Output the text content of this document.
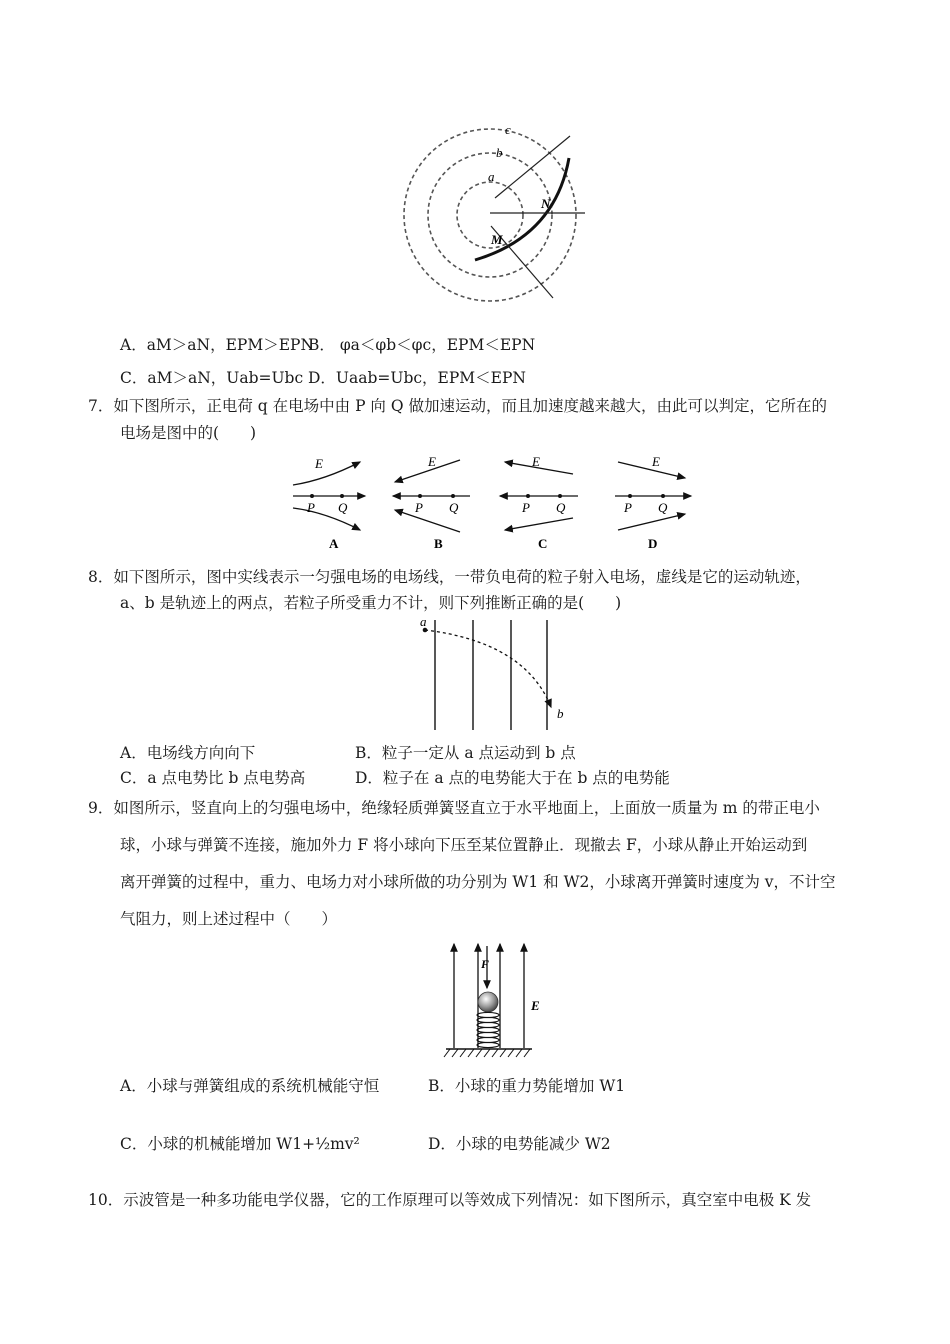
c
b
a
N
M
A．aM＞aN，EPM＞EPN
B． φa＜φb＜φc，EPM＜EPN
C．aM＞aN，Uab=Ubc D．Uaab=Ubc，EPM＜EPN
7．如下图所示，正电荷 q 在电场中由 P 向 Q 做加速运动，而且加速度越来越大，由此可以判定，它所在的
电场是图中的(　　)
E
P Q
A
E
P Q
B
E
P Q
C
E
P Q
D
8．如下图所示，图中实线表示一匀强电场的电场线，一带负电荷的粒子射入电场，虚线是它的运动轨迹，
a、b 是轨迹上的两点，若粒子所受重力不计，则下列推断正确的是(　　)
a
b
A．电场线方向向下	B．粒子一定从 a 点运动到 b 点
C．a 点电势比 b 点电势高	D．粒子在 a 点的电势能大于在 b 点的电势能
9．如图所示，竖直向上的匀强电场中，绝缘轻质弹簧竖直立于水平地面上，上面放一质量为 m 的带正电小
球，小球与弹簧不连接，施加外力 F 将小球向下压至某位置静止．现撤去 F，小球从静止开始运动到
离开弹簧的过程中，重力、电场力对小球所做的功分别为 W1 和 W2，小球离开弹簧时速度为 v，不计空
气阻力，则上述过程中（　　）
F
E
A．小球与弹簧组成的系统机械能守恒	B．小球的重力势能增加 W1
C．小球的机械能增加 W1+½mv²	D．小球的电势能减少 W2
10．示波管是一种多功能电学仪器，它的工作原理可以等效成下列情况：如下图所示，真空室中电极 K 发
